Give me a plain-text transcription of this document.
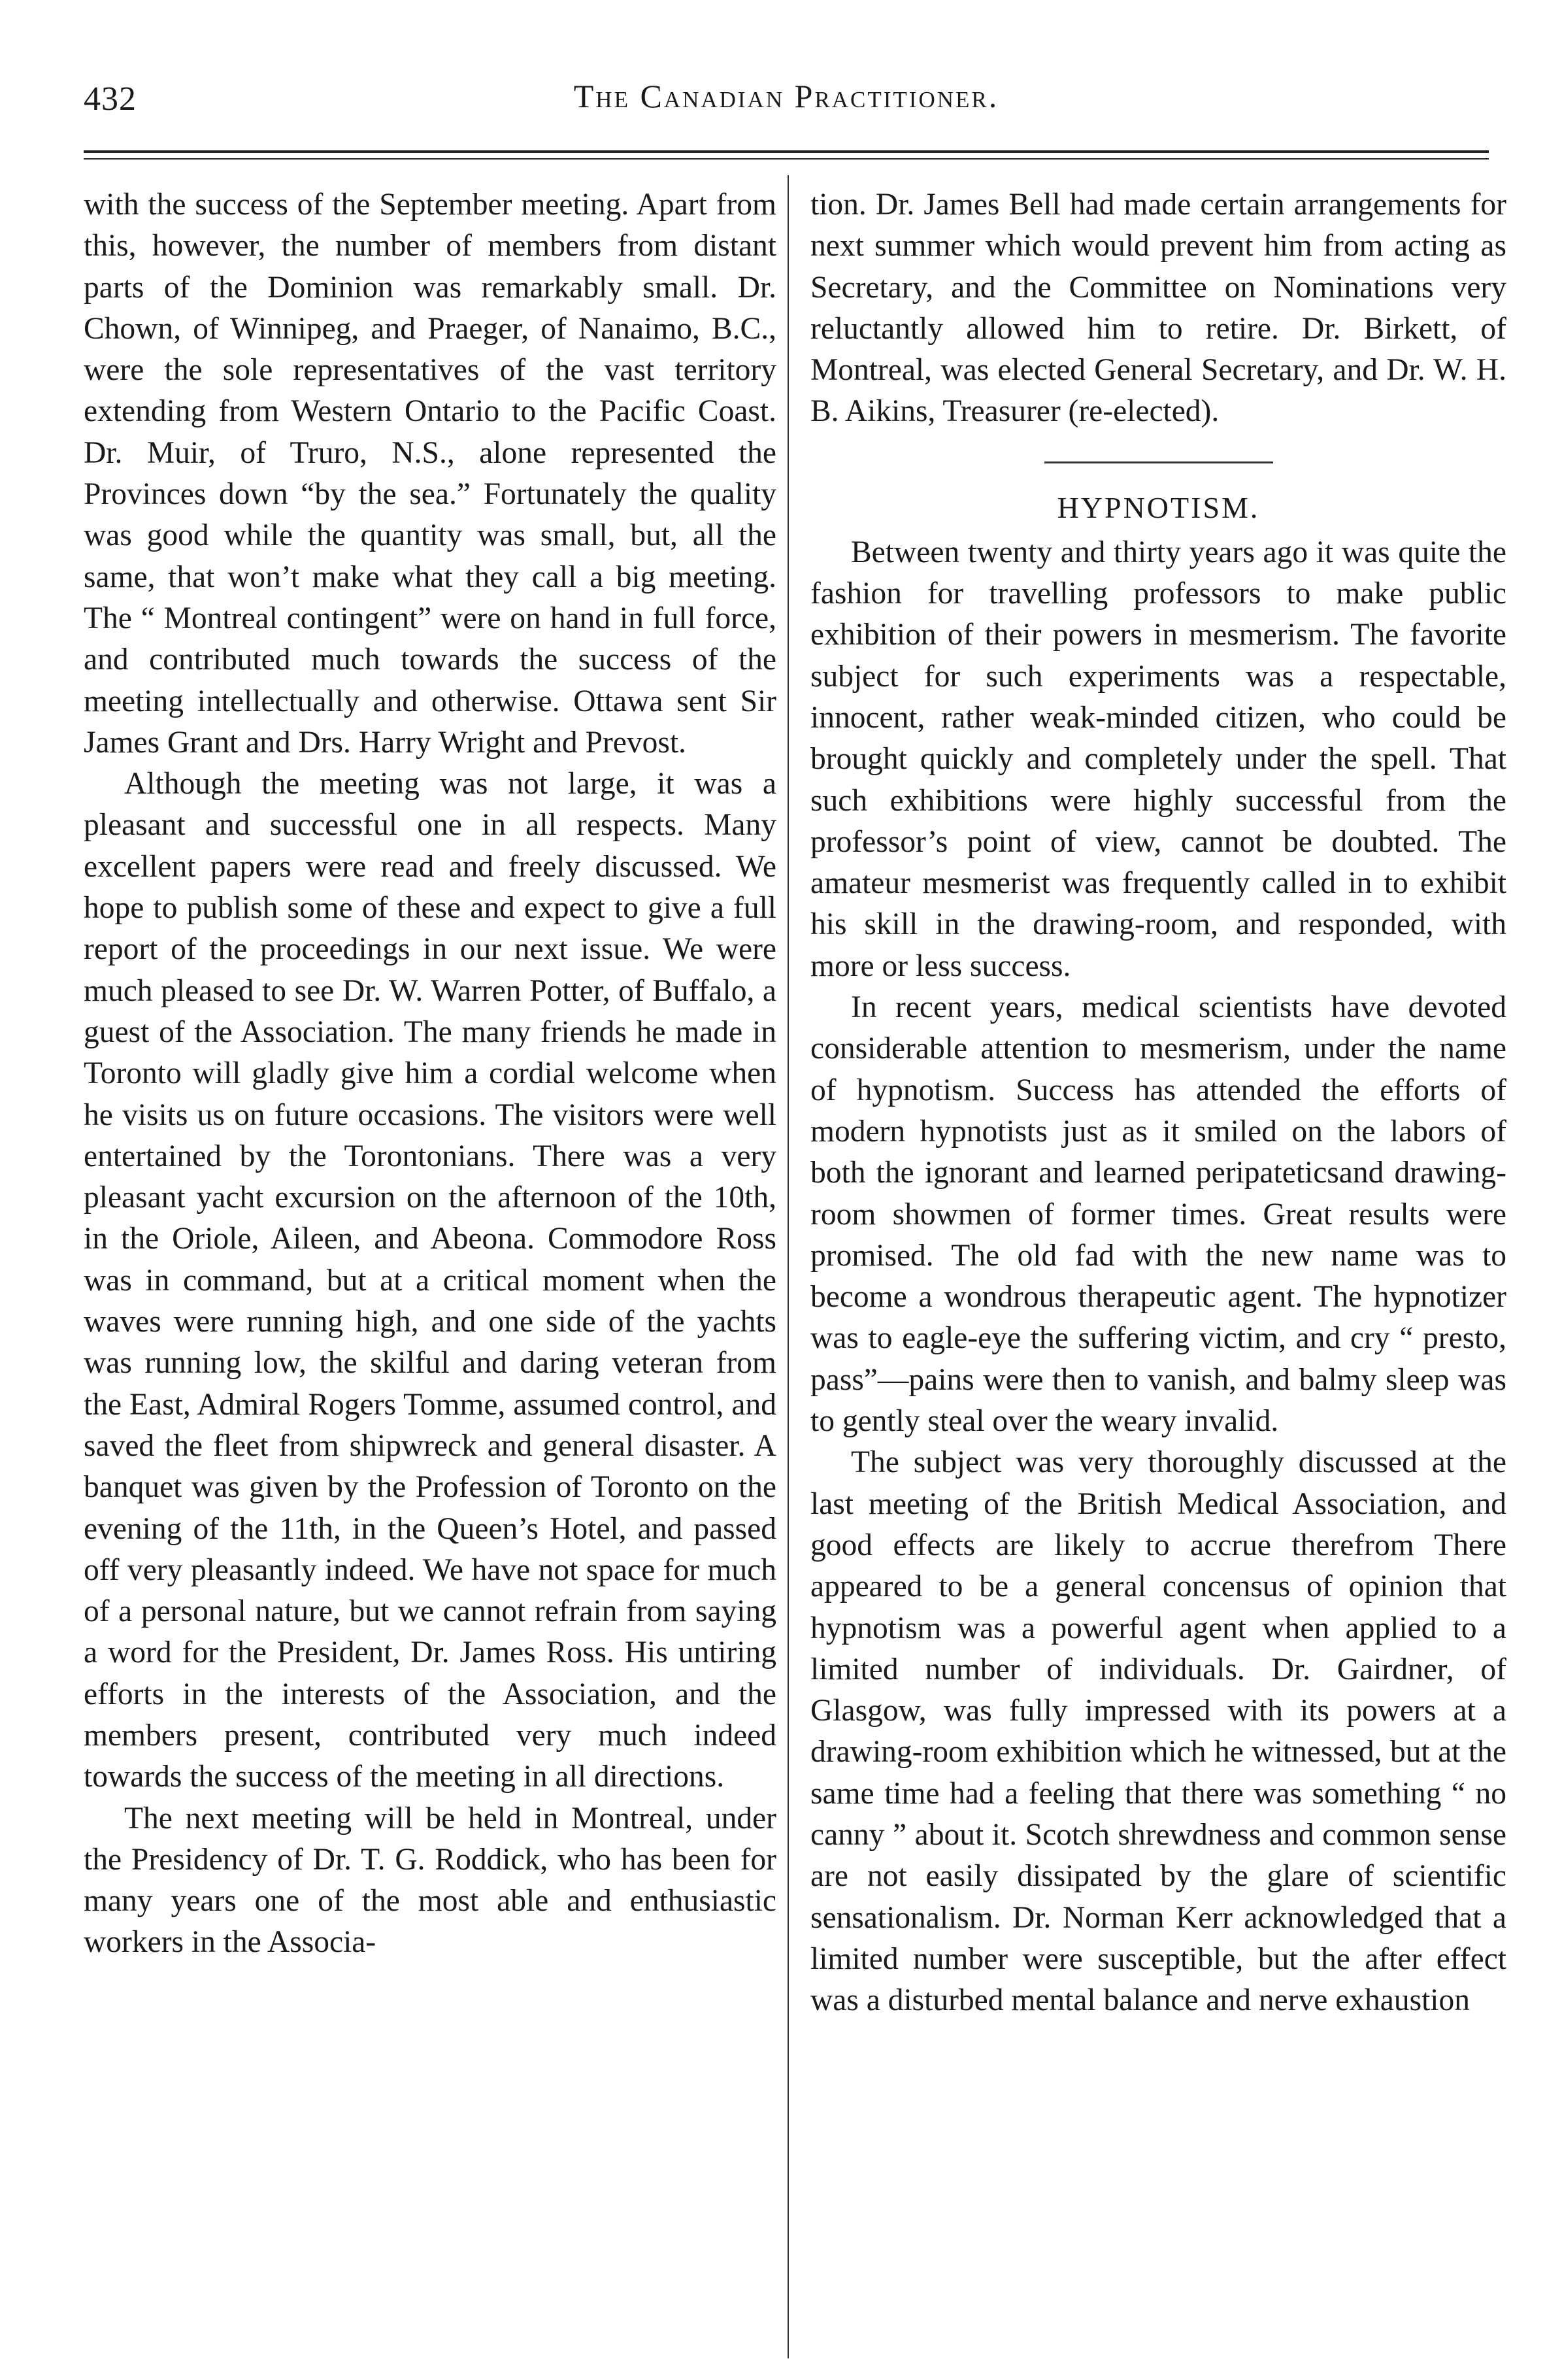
432	The Canadian Practitioner.

with the success of the September meeting. Apart from this, however, the number of members from distant parts of the Dominion was remarkably small. Dr. Chown, of Winnipeg, and Praeger, of Nanaimo, B.C., were the sole representatives of the vast territory extending from Western Ontario to the Pacific Coast. Dr. Muir, of Truro, N.S., alone represented the Provinces down “by the sea.” Fortunately the quality was good while the quantity was small, but, all the same, that won’t make what they call a big meeting. The “ Montreal contingent” were on hand in full force, and contributed much towards the success of the meeting intellectually and otherwise. Ottawa sent Sir James Grant and Drs. Harry Wright and Prevost.

Although the meeting was not large, it was a pleasant and successful one in all respects. Many excellent papers were read and freely discussed. We hope to publish some of these and expect to give a full report of the proceedings in our next issue. We were much pleased to see Dr. W. Warren Potter, of Buffalo, a guest of the Association. The many friends he made in Toronto will gladly give him a cordial welcome when he visits us on future occasions. The visitors were well entertained by the Torontonians. There was a very pleasant yacht excursion on the afternoon of the 10th, in the Oriole, Aileen, and Abeona. Commodore Ross was in command, but at a critical moment when the waves were running high, and one side of the yachts was running low, the skilful and daring veteran from the East, Admiral Rogers Tomme, assumed control, and saved the fleet from shipwreck and general disaster. A banquet was given by the Profession of Toronto on the evening of the 11th, in the Queen’s Hotel, and passed off very pleasantly indeed. We have not space for much of a personal nature, but we cannot refrain from saying a word for the President, Dr. James Ross. His untiring efforts in the interests of the Association, and the members present, contributed very much indeed towards the success of the meeting in all directions.

The next meeting will be held in Montreal, under the Presidency of Dr. T. G. Roddick, who has been for many years one of the most able and enthusiastic workers in the Associa-

tion. Dr. James Bell had made certain arrangements for next summer which would prevent him from acting as Secretary, and the Committee on Nominations very reluctantly allowed him to retire. Dr. Birkett, of Montreal, was elected General Secretary, and Dr. W. H. B. Aikins, Treasurer (re-elected).

HYPNOTISM.

Between twenty and thirty years ago it was quite the fashion for travelling professors to make public exhibition of their powers in mesmerism. The favorite subject for such experiments was a respectable, innocent, rather weak-minded citizen, who could be brought quickly and completely under the spell. That such exhibitions were highly successful from the professor’s point of view, cannot be doubted. The amateur mesmerist was frequently called in to exhibit his skill in the drawing-room, and responded, with more or less success.

In recent years, medical scientists have devoted considerable attention to mesmerism, under the name of hypnotism. Success has attended the efforts of modern hypnotists just as it smiled on the labors of both the ignorant and learned peripateticsand drawing-room showmen of former times. Great results were promised. The old fad with the new name was to become a wondrous therapeutic agent. The hypnotizer was to eagle-eye the suffering victim, and cry “ presto, pass”—pains were then to vanish, and balmy sleep was to gently steal over the weary invalid.

The subject was very thoroughly discussed at the last meeting of the British Medical Association, and good effects are likely to accrue therefrom There appeared to be a general concensus of opinion that hypnotism was a powerful agent when applied to a limited number of individuals. Dr. Gairdner, of Glasgow, was fully impressed with its powers at a drawing-room exhibition which he witnessed, but at the same time had a feeling that there was something “ no canny ” about it. Scotch shrewdness and common sense are not easily dissipated by the glare of scientific sensationalism. Dr. Norman Kerr acknowledged that a limited number were susceptible, but the after effect was a disturbed mental balance and nerve exhaustion
